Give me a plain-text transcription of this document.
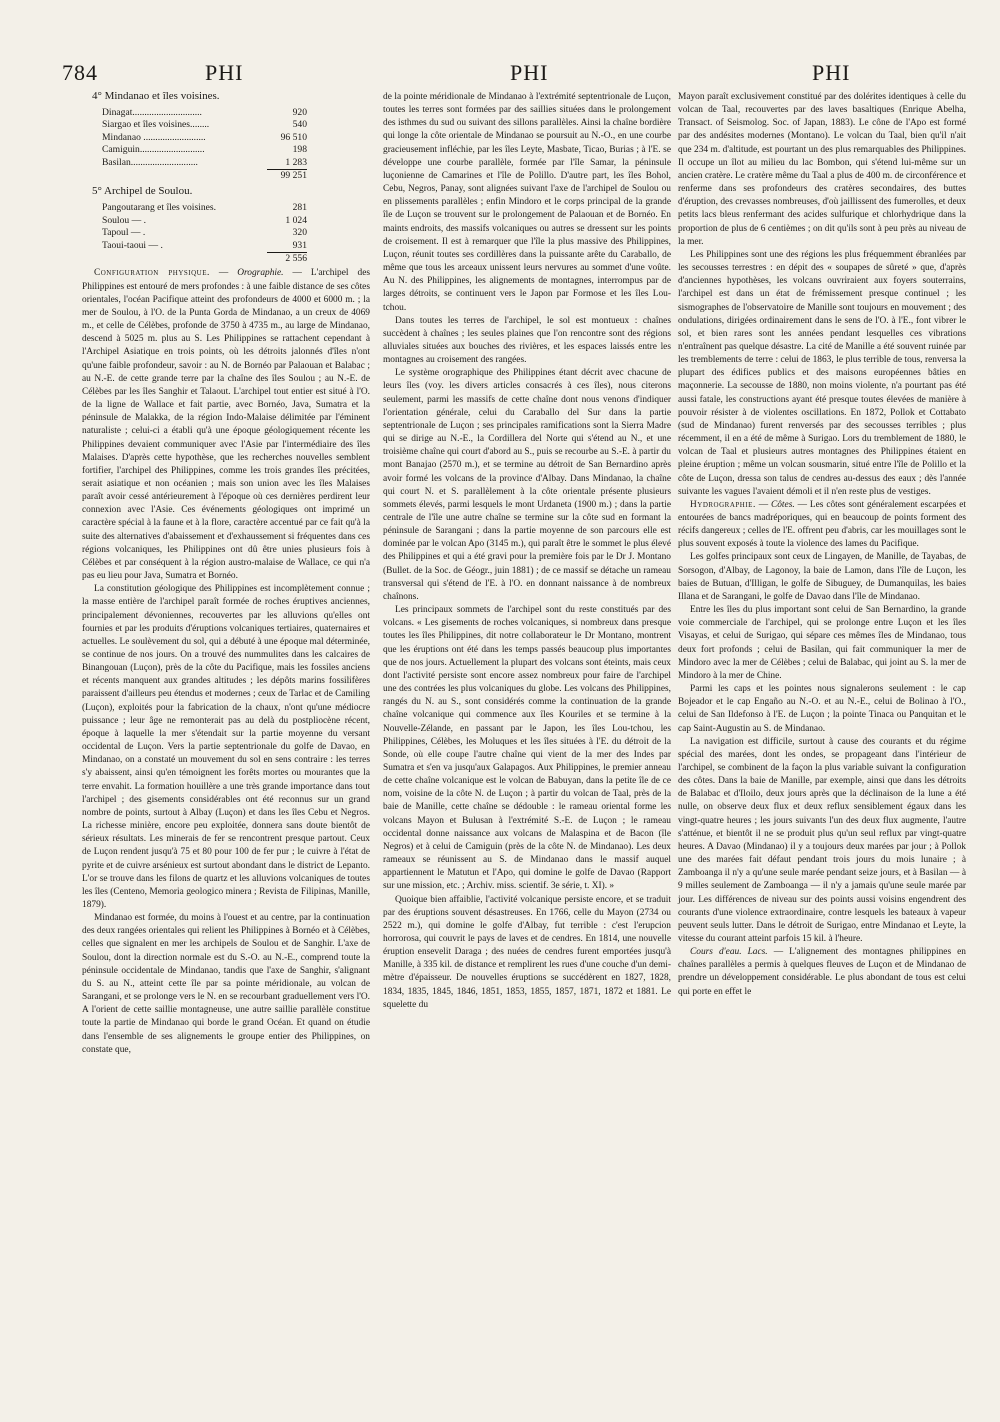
784	PHI	PHI	PHI
4° Mindanao et îles voisines.
Dinagat.............................	920
Siargao et îles voisines........	540
Mindanao ..........................	96 510
Camiguin...........................	198
Basilan............................	1 283
	99 251
5° Archipel de Soulou.
Pangoutarang et îles voisines.	281
Soulou — .	1 024
Tapoul — .	320
Taoui-taoui — .	931
	2 556

Configuration physique. — Orographie. — L'archipel des Philippines est entouré de mers profondes : à une faible distance de ses côtes orientales, l'océan Pacifique atteint des profondeurs de 4000 et 6000 m. ; la mer de Soulou, à l'O. de la Punta Gorda de Mindanao, a un creux de 4069 m., et celle de Célèbes, profonde de 3750 à 4735 m., au large de Mindanao, descend à 5025 m. plus au S. Les Philippines se rattachent cependant à l'Archipel Asiatique en trois points, où les détroits jalonnés d'îles n'ont qu'une faible profondeur, savoir : au N. de Bornéo par Palaouan et Balabac ; au N.-E. de cette grande terre par la chaîne des îles Soulou ; au N.-E. de Célèbes par les îles Sanghir et Talaout. L'archipel tout entier est situé à l'O. de la ligne de Wallace et fait partie, avec Bornéo, Java, Sumatra et la péninsule de Malakka, de la région Indo-Malaise délimitée par l'éminent naturaliste ; celui-ci a établi qu'à une époque géologiquement récente les Philippines devaient communiquer avec l'Asie par l'intermédiaire des îles Malaises. D'après cette hypothèse, que les recherches nouvelles semblent fortifier, l'archipel des Philippines, comme les trois grandes îles précitées, serait asiatique et non océanien ; mais son union avec les îles Malaises paraît avoir cessé antérieurement à l'époque où ces dernières perdirent leur connexion avec l'Asie. Ces événements géologiques ont imprimé un caractère spécial à la faune et à la flore, caractère accentué par ce fait qu'à la suite des alternatives d'abaissement et d'exhaussement si fréquentes dans ces régions volcaniques, les Philippines ont dû être unies plusieurs fois à Célèbes et par conséquent à la région austro-malaise de Wallace, ce qui n'a pas eu lieu pour Java, Sumatra et Bornéo.

La constitution géologique des Philippines est incomplètement connue ; la masse entière de l'archipel paraît formée de roches éruptives anciennes, principalement dévoniennes, recouvertes par les alluvions qu'elles ont fournies et par les produits d'éruptions volcaniques tertiaires, quaternaires et actuelles. Le soulèvement du sol, qui a débuté à une époque mal déterminée, se continue de nos jours. On a trouvé des nummulites dans les calcaires de Binangouan (Luçon), près de la côte du Pacifique, mais les fossiles anciens et récents manquent aux grandes altitudes ; les dépôts marins fossilifères paraissent d'ailleurs peu étendus et modernes ; ceux de Tarlac et de Camiling (Luçon), exploités pour la fabrication de la chaux, n'ont qu'une médiocre puissance ; leur âge ne remonterait pas au delà du postpliocène récent, époque à laquelle la mer s'étendait sur la partie moyenne du versant occidental de Luçon. Vers la partie septentrionale du golfe de Davao, en Mindanao, on a constaté un mouvement du sol en sens contraire : les terres s'y abaissent, ainsi qu'en témoignent les forêts mortes ou mourantes que la terre envahit. La formation houillère a une très grande importance dans tout l'archipel ; des gisements considérables ont été reconnus sur un grand nombre de points, surtout à Albay (Luçon) et dans les îles Cebu et Negros. La richesse minière, encore peu exploitée, donnera sans doute bientôt de sérieux résultats. Les minerais de fer se rencontrent presque partout. Ceux de Luçon rendent jusqu'à 75 et 80 pour 100 de fer pur ; le cuivre à l'état de pyrite et de cuivre arsénieux est surtout abondant dans le district de Lepanto. L'or se trouve dans les filons de quartz et les alluvions volcaniques de toutes les îles (Centeno, Memoria geologico minera ; Revista de Filipinas, Manille, 1879).

Mindanao est formée, du moins à l'ouest et au centre, par la continuation des deux rangées orientales qui relient les Philippines à Bornéo et à Célèbes, celles que signalent en mer les archipels de Soulou et de Sanghir. L'axe de Soulou, dont la direction normale est du S.-O. au N.-E., comprend toute la péninsule occidentale de Mindanao, tandis que l'axe de Sanghir, s'alignant du S. au N., atteint cette île par sa pointe méridionale, au volcan de Sarangani, et se prolonge vers le N. en se recourbant graduellement vers l'O. A l'orient de cette saillie montagneuse, une autre saillie parallèle constitue toute la partie de Mindanao qui borde le grand Océan. Et quand on étudie dans l'ensemble de ses alignements le groupe entier des Philippines, on constate que,

de la pointe méridionale de Mindanao à l'extrémité septentrionale de Luçon, toutes les terres sont formées par des saillies situées dans le prolongement des isthmes du sud ou suivant des sillons parallèles. Ainsi la chaîne bordière qui longe la côte orientale de Mindanao se poursuit au N.-O., en une courbe gracieusement infléchie, par les îles Leyte, Masbate, Ticao, Burias ; à l'E. se développe une courbe parallèle, formée par l'île Samar, la péninsule luçonienne de Camarines et l'île de Polillo. D'autre part, les îles Bohol, Cebu, Negros, Panay, sont alignées suivant l'axe de l'archipel de Soulou ou en plissements parallèles ; enfin Mindoro et le corps principal de la grande île de Luçon se trouvent sur le prolongement de Palaouan et de Bornéo. En maints endroits, des massifs volcaniques ou autres se dressent sur les points de croisement. Il est à remarquer que l'île la plus massive des Philippines, Luçon, réunit toutes ses cordillères dans la puissante arête du Caraballo, de même que tous les arceaux unissent leurs nervures au sommet d'une voûte. Au N. des Philippines, les alignements de montagnes, interrompus par de larges détroits, se continuent vers le Japon par Formose et les îles Lou-tchou.

Dans toutes les terres de l'archipel, le sol est montueux : chaînes succèdent à chaînes ; les seules plaines que l'on rencontre sont des régions alluviales situées aux bouches des rivières, et les espaces laissés entre les montagnes au croisement des rangées.

Le système orographique des Philippines étant décrit avec chacune de leurs îles (voy. les divers articles consacrés à ces îles), nous citerons seulement, parmi les massifs de cette chaîne dont nous venons d'indiquer l'orientation générale, celui du Caraballo del Sur dans la partie septentrionale de Luçon ; ses principales ramifications sont la Sierra Madre qui se dirige au N.-E., la Cordillera del Norte qui s'étend au N., et une troisième chaîne qui court d'abord au S., puis se recourbe au S.-E. à partir du mont Banajao (2570 m.), et se termine au détroit de San Bernardino après avoir formé les volcans de la province d'Albay. Dans Mindanao, la chaîne qui court N. et S. parallèlement à la côte orientale présente plusieurs sommets élevés, parmi lesquels le mont Urdaneta (1900 m.) ; dans la partie centrale de l'île une autre chaîne se termine sur la côte sud en formant la péninsule de Sarangani ; dans la partie moyenne de son parcours elle est dominée par le volcan Apo (3145 m.), qui paraît être le sommet le plus élevé des Philippines et qui a été gravi pour la première fois par le Dr J. Montano (Bullet. de la Soc. de Géogr., juin 1881) ; de ce massif se détache un rameau transversal qui s'étend de l'E. à l'O. en donnant naissance à de nombreux chaînons.

Les principaux sommets de l'archipel sont du reste constitués par des volcans. « Les gisements de roches volcaniques, si nombreux dans presque toutes les îles Philippines, dit notre collaborateur le Dr Montano, montrent que les éruptions ont été dans les temps passés beaucoup plus importantes que de nos jours. Actuellement la plupart des volcans sont éteints, mais ceux dont l'activité persiste sont encore assez nombreux pour faire de l'archipel une des contrées les plus volcaniques du globe. Les volcans des Philippines, rangés du N. au S., sont considérés comme la continuation de la grande chaîne volcanique qui commence aux îles Kouriles et se termine à la Nouvelle-Zélande, en passant par le Japon, les îles Lou-tchou, les Philippines, Célèbes, les Moluques et les îles situées à l'E. du détroit de la Sonde, où elle coupe l'autre chaîne qui vient de la mer des Indes par Sumatra et s'en va jusqu'aux Galapagos. Aux Philippines, le premier anneau de cette chaîne volcanique est le volcan de Babuyan, dans la petite île de ce nom, voisine de la côte N. de Luçon ; à partir du volcan de Taal, près de la baie de Manille, cette chaîne se dédouble : le rameau oriental forme les volcans Mayon et Bulusan à l'extrémité S.-E. de Luçon ; le rameau occidental donne naissance aux volcans de Malaspina et de Bacon (île Negros) et à celui de Camiguin (près de la côte N. de Mindanao). Les deux rameaux se réunissent au S. de Mindanao dans le massif auquel appartiennent le Matutun et l'Apo, qui domine le golfe de Davao (Rapport sur une mission, etc. ; Archiv. miss. scientif. 3e série, t. XI). »

Quoique bien affaiblie, l'activité volcanique persiste encore, et se traduit par des éruptions souvent désastreuses. En 1766, celle du Mayon (2734 ou 2522 m.), qui domine le golfe d'Albay, fut terrible : c'est l'erupcion horrorosa, qui couvrit le pays de laves et de cendres. En 1814, une nouvelle éruption ensevelit Daraga ; des nuées de cendres furent emportées jusqu'à Manille, à 335 kil. de distance et remplirent les rues d'une couche d'un demi-mètre d'épaisseur. De nouvelles éruptions se succédèrent en 1827, 1828, 1834, 1835, 1845, 1846, 1851, 1853, 1855, 1857, 1871, 1872 et 1881. Le squelette du

Mayon paraît exclusivement constitué par des dolérites identiques à celle du volcan de Taal, recouvertes par des laves basaltiques (Enrique Abelha, Transact. of Seismolog. Soc. of Japan, 1883). Le cône de l'Apo est formé par des andésites modernes (Montano). Le volcan du Taal, bien qu'il n'ait que 234 m. d'altitude, est pourtant un des plus remarquables des Philippines. Il occupe un îlot au milieu du lac Bombon, qui s'étend lui-même sur un ancien cratère. Le cratère même du Taal a plus de 400 m. de circonférence et renferme dans ses profondeurs des cratères secondaires, des buttes d'éruption, des crevasses nombreuses, d'où jaillissent des fumerolles, et deux petits lacs bleus renfermant des acides sulfurique et chlorhydrique dans la proportion de plus de 6 centièmes ; on dit qu'ils sont à peu près au niveau de la mer.

Les Philippines sont une des régions les plus fréquemment ébranlées par les secousses terrestres : en dépit des « soupapes de sûreté » que, d'après d'anciennes hypothèses, les volcans ouvriraient aux foyers souterrains, l'archipel est dans un état de frémissement presque continuel ; les sismographes de l'observatoire de Manille sont toujours en mouvement ; des ondulations, dirigées ordinairement dans le sens de l'O. à l'E., font vibrer le sol, et bien rares sont les années pendant lesquelles ces vibrations n'entraînent pas quelque désastre. La cité de Manille a été souvent ruinée par les tremblements de terre : celui de 1863, le plus terrible de tous, renversa la plupart des édifices publics et des maisons européennes bâties en maçonnerie. La secousse de 1880, non moins violente, n'a pourtant pas été aussi fatale, les constructions ayant été presque toutes élevées de manière à pouvoir résister à de violentes oscillations. En 1872, Pollok et Cottabato (sud de Mindanao) furent renversés par des secousses terribles ; plus récemment, il en a été de même à Surigao. Lors du tremblement de 1880, le volcan de Taal et plusieurs autres montagnes des Philippines étaient en pleine éruption ; même un volcan sousmarin, situé entre l'île de Polillo et la côte de Luçon, dressa son talus de cendres au-dessus des eaux ; dès l'année suivante les vagues l'avaient démoli et il n'en reste plus de vestiges.

Hydrographie. — Côtes. — Les côtes sont généralement escarpées et entourées de bancs madréporiques, qui en beaucoup de points forment des récifs dangereux ; celles de l'E. offrent peu d'abris, car les mouillages sont le plus souvent exposés à toute la violence des lames du Pacifique.

Les golfes principaux sont ceux de Lingayen, de Manille, de Tayabas, de Sorsogon, d'Albay, de Lagonoy, la baie de Lamon, dans l'île de Luçon, les baies de Butuan, d'Illigan, le golfe de Sibuguey, de Dumanquilas, les baies Illana et de Sarangani, le golfe de Davao dans l'île de Mindanao.

Entre les îles du plus important sont celui de San Bernardino, la grande voie commerciale de l'archipel, qui se prolonge entre Luçon et les îles Visayas, et celui de Surigao, qui sépare ces mêmes îles de Mindanao, tous deux fort profonds ; celui de Basilan, qui fait communiquer la mer de Mindoro avec la mer de Célèbes ; celui de Balabac, qui joint au S. la mer de Mindoro à la mer de Chine.

Parmi les caps et les pointes nous signalerons seulement : le cap Bojeador et le cap Engaño au N.-O. et au N.-E., celui de Bolinao à l'O., celui de San Ildefonso à l'E. de Luçon ; la pointe Tinaca ou Panquitan et le cap Saint-Augustin au S. de Mindanao.

La navigation est difficile, surtout à cause des courants et du régime spécial des marées, dont les ondes, se propageant dans l'intérieur de l'archipel, se combinent de la façon la plus variable suivant la configuration des côtes. Dans la baie de Manille, par exemple, ainsi que dans les détroits de Balabac et d'Iloilo, deux jours après que la déclinaison de la lune a été nulle, on observe deux flux et deux reflux sensiblement égaux dans les vingt-quatre heures ; les jours suivants l'un des deux flux augmente, l'autre s'atténue, et bientôt il ne se produit plus qu'un seul reflux par vingt-quatre heures. A Davao (Mindanao) il y a toujours deux marées par jour ; à Pollok une des marées fait défaut pendant trois jours du mois lunaire ; à Zamboanga il n'y a qu'une seule marée pendant seize jours, et à Basilan — à 9 milles seulement de Zamboanga — il n'y a jamais qu'une seule marée par jour. Les différences de niveau sur des points aussi voisins engendrent des courants d'une violence extraordinaire, contre lesquels les bateaux à vapeur peuvent seuls lutter. Dans le détroit de Surigao, entre Mindanao et Leyte, la vitesse du courant atteint parfois 15 kil. à l'heure.

Cours d'eau. Lacs. — L'alignement des montagnes philippines en chaînes parallèles a permis à quelques fleuves de Luçon et de Mindanao de prendre un développement considérable. Le plus abondant de tous est celui qui porte en effet le
